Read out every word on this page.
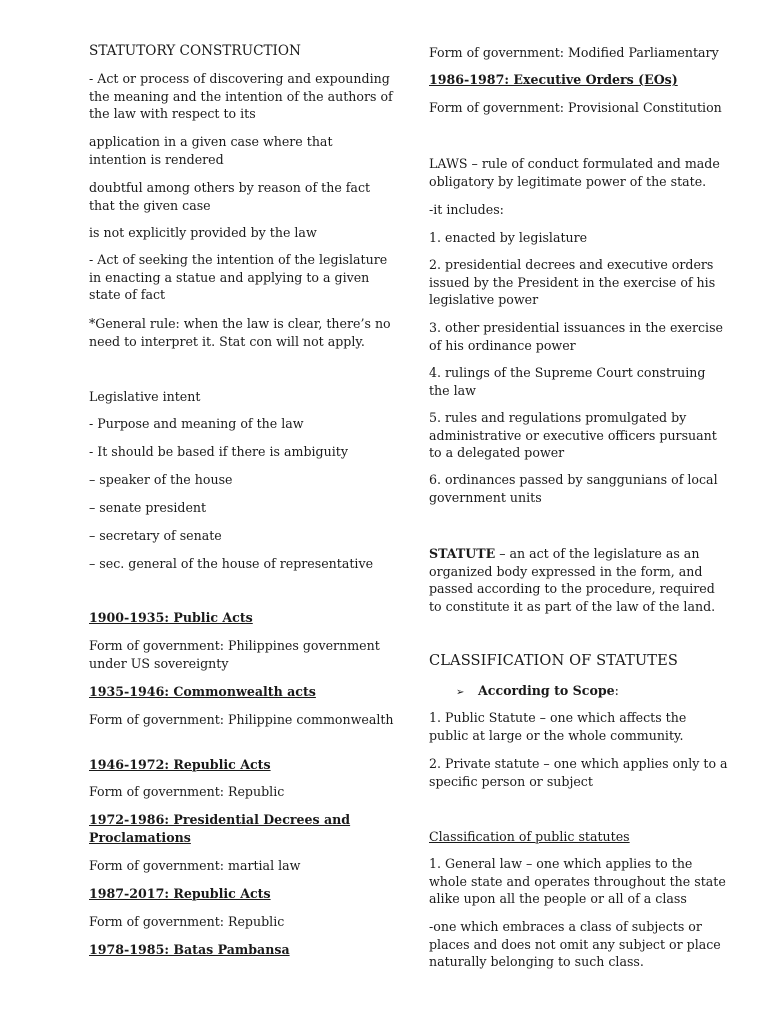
STATUTORY CONSTRUCTION

- Act or process of discovering and expounding the meaning and the intention of the authors of the law with respect to its

application in a given case where that intention is rendered

doubtful among others by reason of the fact that the given case

is not explicitly provided by the law

- Act of seeking the intention of the legislature in enacting a statue and applying to a given state of fact

*General rule: when the law is clear, there’s no need to interpret it. Stat con will not apply.

Legislative intent

- Purpose and meaning of the law

- It should be based if there is ambiguity

– speaker of the house

– senate president

– secretary of senate

– sec. general of the house of representative

1900-1935: Public Acts

Form of government: Philippines government under US sovereignty

1935-1946: Commonwealth acts

Form of government: Philippine commonwealth

1946-1972: Republic Acts

Form of government: Republic

1972-1986: Presidential Decrees and Proclamations

Form of government: martial law

1987-2017: Republic Acts

Form of government: Republic

1978-1985: Batas Pambansa

Form of government: Modified Parliamentary

1986-1987: Executive Orders (EOs)

Form of government: Provisional Constitution

LAWS – rule of conduct formulated and made obligatory by legitimate power of the state.

-it includes:

1. enacted by legislature

2. presidential decrees and executive orders issued by the President in the exercise of his legislative power

3. other presidential issuances in the exercise of his ordinance power

4. rulings of the Supreme Court construing the law

5. rules and regulations promulgated by administrative or executive officers pursuant to a delegated power

6. ordinances passed by sanggunians of local government units

STATUTE – an act of the legislature as an organized body expressed in the form, and passed according to the procedure, required to constitute it as part of the law of the land.

CLASSIFICATION OF STATUTES

➢ According to Scope:

1. Public Statute – one which affects the public at large or the whole community.

2. Private statute – one which applies only to a specific person or subject

Classification of public statutes

1. General law – one which applies to the whole state and operates throughout the state alike upon all the people or all of a class

-one which embraces a class of subjects or places and does not omit any subject or place naturally belonging to such class.
